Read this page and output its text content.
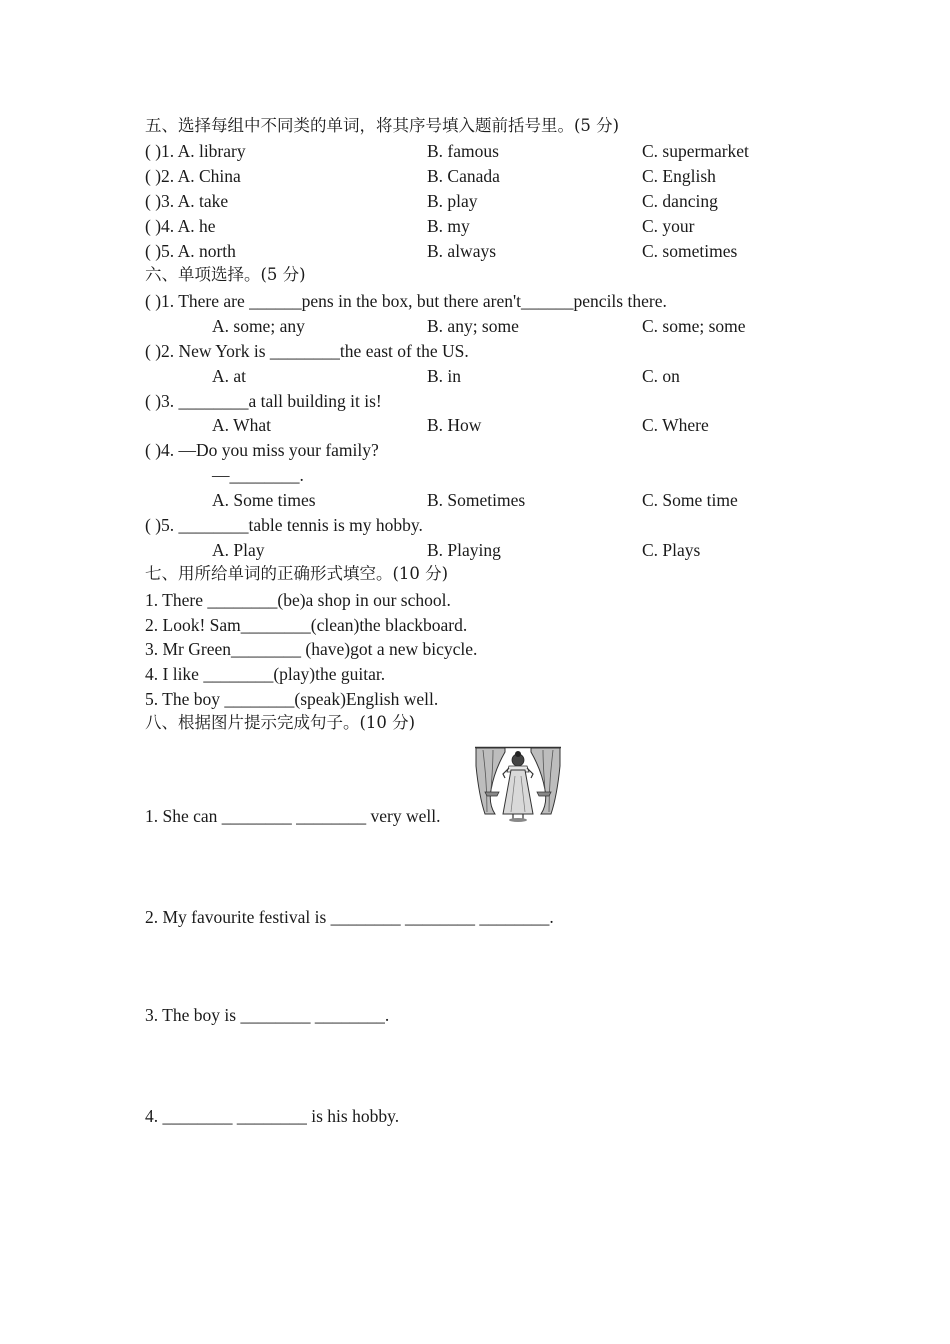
五、选择每组中不同类的单词，将其序号填入题前括号里。(5 分)
( )1. A. library	B. famous	C. supermarket
( )2. A. China	B. Canada	C. English
( )3. A. take	B. play	C. dancing
( )4. A. he	B. my	C. your
( )5. A. north	B. always	C. sometimes
六、单项选择。(5 分)
( )1. There are ______pens in the box, but there aren't______pencils there.
A. some; any	B. any; some	C. some; some
( )2. New York is ________the east of the US.
A. at	B. in	C. on
( )3. ________a tall building it is!
A. What	B. How	C. Where
( )4. —Do you miss your family?
—________.
A. Some times	B. Sometimes	C. Some time
( )5. ________table tennis is my hobby.
A. Play	B. Playing	C. Plays
七、用所给单词的正确形式填空。(10 分)
1. There ________(be)a shop in our school.
2. Look! Sam________(clean)the blackboard.
3. Mr Green________ (have)got a new bicycle.
4. I like ________(play)the guitar.
5. The boy ________(speak)English well.
八、根据图片提示完成句子。(10 分)
1. She can ________ ________ very well.
2. My favourite festival is ________ ________ ________.
3. The boy is ________ ________.
4. ________ ________ is his hobby.
